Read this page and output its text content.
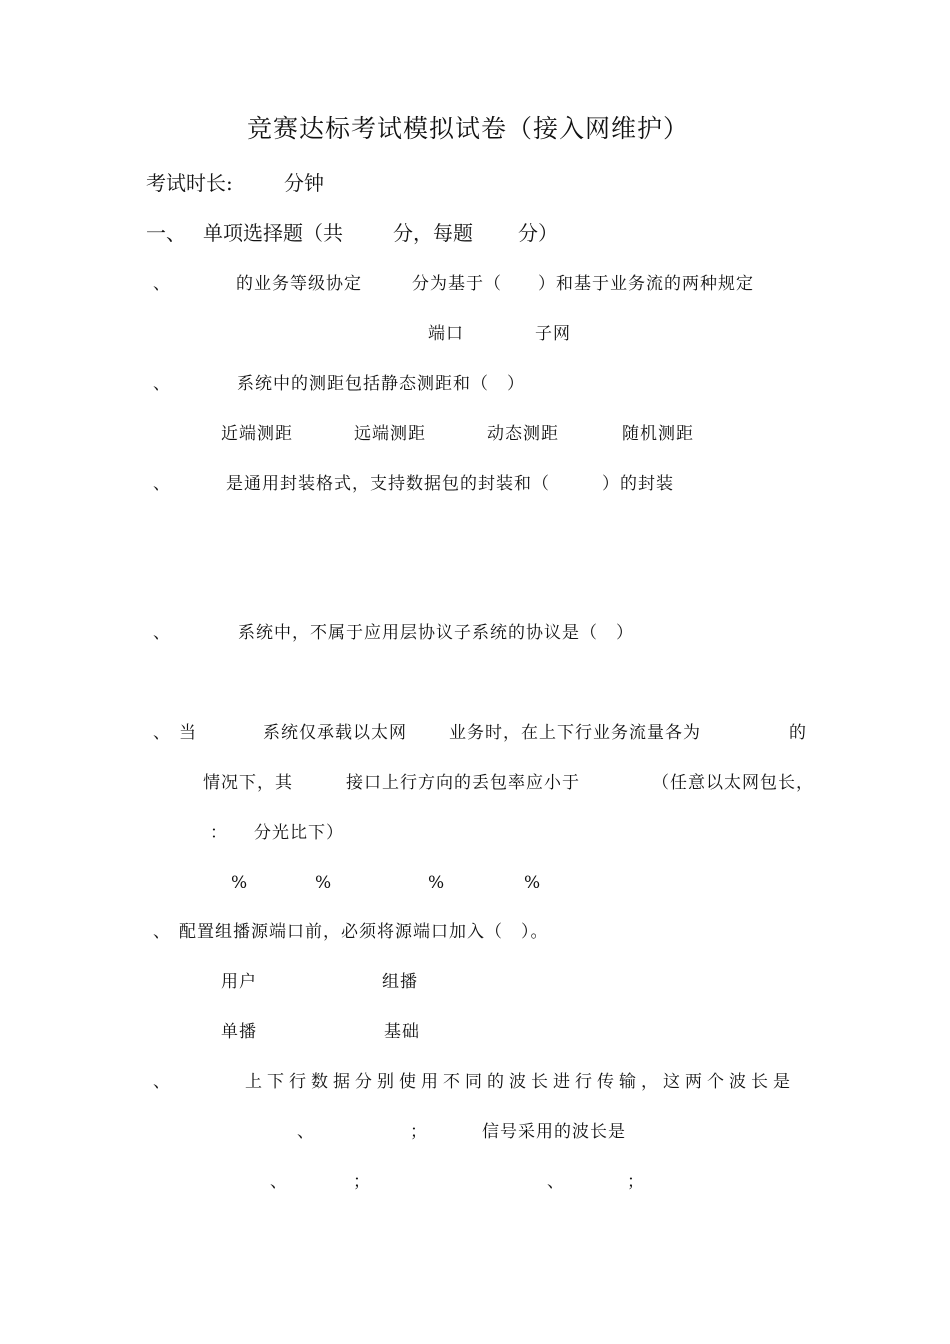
竞赛达标考试模拟试卷（接入网维护）
考试时长:	分钟
一、 单项选择题（共	分，每题 分）
、	的业务等级协定	分为基于（ ）和基于业务流的两种规定
端口	子网
、	系统中的测距包括静态测距和（　）
近端测距	远端测距	动态测距	随机测距
、	是通用封装格式，支持数据包的封装和（	）的封装
、	系统中，不属于应用层协议子系统的协议是（　）
、 当	系统仅承载以太网 业务时，在上下行业务流量各为	的
情况下，其	接口上行方向的丢包率应小于	（任意以太网包长，
： 分光比下）
%	%	%	%
、 配置组播源端口前，必须将源端口加入（　）。
用户	组播
单播	基础
、	上下行数据分别使用不同的波长进行传输，这两个波长是
、	；	信号采用的波长是
、	；	、	；
